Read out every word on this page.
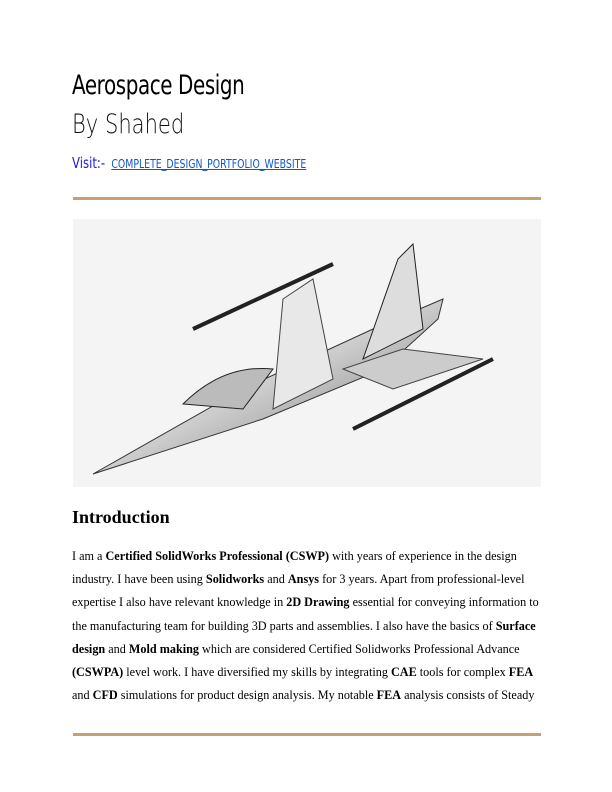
Aerospace Design
By Shahed
Visit:- COMPLETE_DESIGN_PORTFOLIO_WEBSITE
Introduction
I am a Certified SolidWorks Professional (CSWP) with years of experience in the design
industry. I have been using Solidworks and Ansys for 3 years. Apart from professional-level
expertise I also have relevant knowledge in 2D Drawing essential for conveying information to
the manufacturing team for building 3D parts and assemblies. I also have the basics of Surface
design and Mold making which are considered Certified Solidworks Professional Advance
(CSWPA) level work. I have diversified my skills by integrating CAE tools for complex FEA
and CFD simulations for product design analysis. My notable FEA analysis consists of Steady
